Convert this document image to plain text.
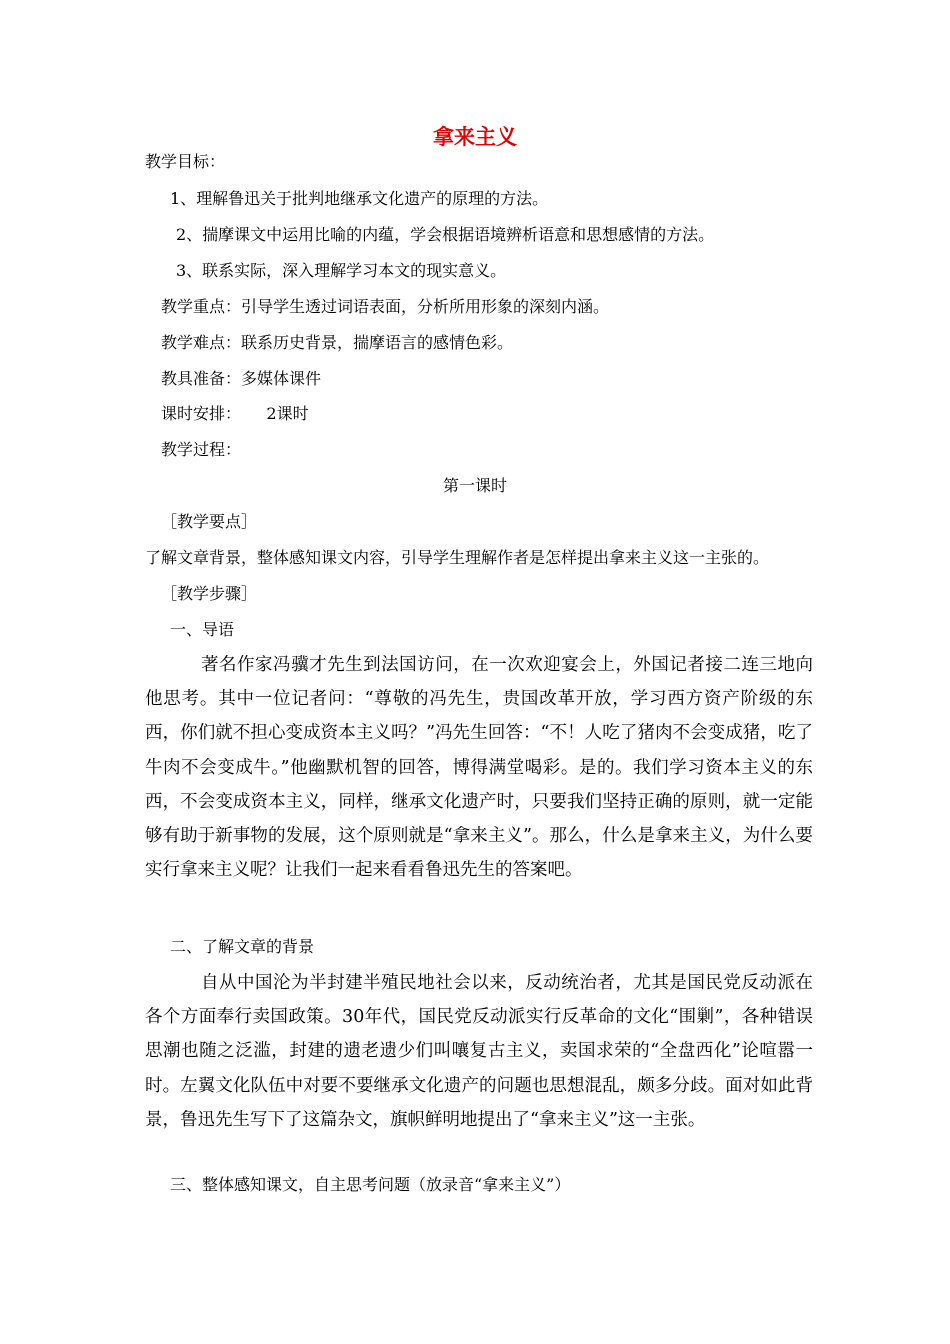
拿来主义
教学目标：
1、理解鲁迅关于批判地继承文化遗产的原理的方法。
2、揣摩课文中运用比喻的内蕴，学会根据语境辨析语意和思想感情的方法。
3、联系实际，深入理解学习本文的现实意义。
教学重点：引导学生透过词语表面，分析所用形象的深刻内涵。
教学难点：联系历史背景，揣摩语言的感情色彩。
教具准备：多媒体课件
课时安排：     2课时
教学过程：
第一课时
［教学要点］
了解文章背景，整体感知课文内容，引导学生理解作者是怎样提出拿来主义这一主张的。
［教学步骤］
一、导语
著名作家冯骥才先生到法国访问，在一次欢迎宴会上，外国记者接二连三地向他思考。其中一位记者问：“尊敬的冯先生，贵国改革开放，学习西方资产阶级的东西，你们就不担心变成资本主义吗？”冯先生回答：“不！人吃了猪肉不会变成猪，吃了牛肉不会变成牛。”他幽默机智的回答，博得满堂喝彩。是的。我们学习资本主义的东西，不会变成资本主义，同样，继承文化遗产时，只要我们坚持正确的原则，就一定能够有助于新事物的发展，这个原则就是“拿来主义”。那么，什么是拿来主义，为什么要实行拿来主义呢？让我们一起来看看鲁迅先生的答案吧。
二、了解文章的背景
自从中国沦为半封建半殖民地社会以来，反动统治者，尤其是国民党反动派在各个方面奉行卖国政策。30年代，国民党反动派实行反革命的文化“围剿”，各种错误思潮也随之泛滥，封建的遗老遗少们叫嚷复古主义，卖国求荣的“全盘西化”论喧嚣一时。左翼文化队伍中对要不要继承文化遗产的问题也思想混乱，颇多分歧。面对如此背景，鲁迅先生写下了这篇杂文，旗帜鲜明地提出了“拿来主义”这一主张。
三、整体感知课文，自主思考问题（放录音“拿来主义”）
